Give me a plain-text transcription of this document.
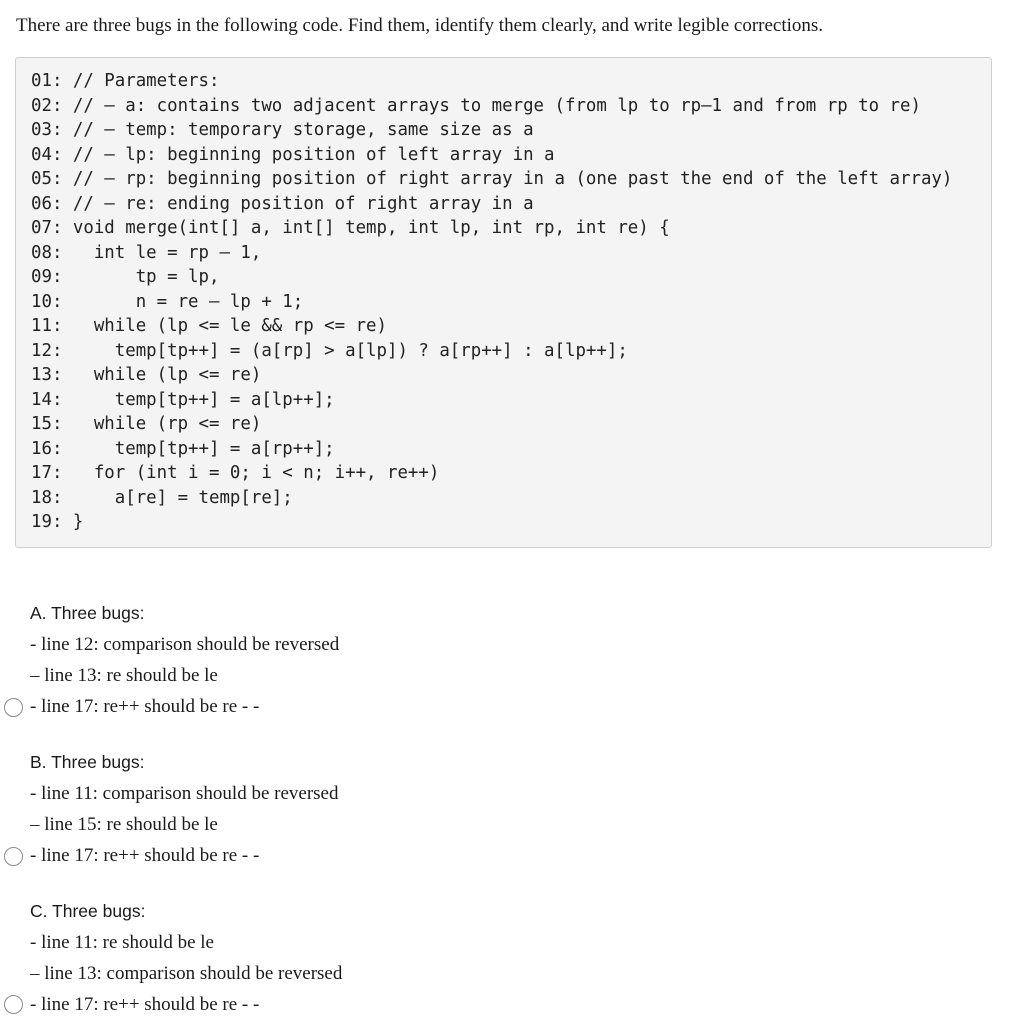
There are three bugs in the following code. Find them, identify them clearly, and write legible corrections.

01: // Parameters:
02: // – a: contains two adjacent arrays to merge (from lp to rp–1 and from rp to re)
03: // – temp: temporary storage, same size as a
04: // – lp: beginning position of left array in a
05: // – rp: beginning position of right array in a (one past the end of the left array)
06: // – re: ending position of right array in a
07: void merge(int[] a, int[] temp, int lp, int rp, int re) {
08:   int le = rp – 1,
09:       tp = lp,
10:       n = re – lp + 1;
11:   while (lp <= le && rp <= re)
12:     temp[tp++] = (a[rp] > a[lp]) ? a[rp++] : a[lp++];
13:   while (lp <= re)
14:     temp[tp++] = a[lp++];
15:   while (rp <= re)
16:     temp[tp++] = a[rp++];
17:   for (int i = 0; i < n; i++, re++)
18:     a[re] = temp[re];
19: }
A. Three bugs:
- line 12: comparison should be reversed
– line 13: re should be le
- line 17: re++ should be re - -
B. Three bugs:
- line 11: comparison should be reversed
– line 15: re should be le
- line 17: re++ should be re - -
C. Three bugs:
- line 11: re should be le
– line 13: comparison should be reversed
- line 17: re++ should be re - -
